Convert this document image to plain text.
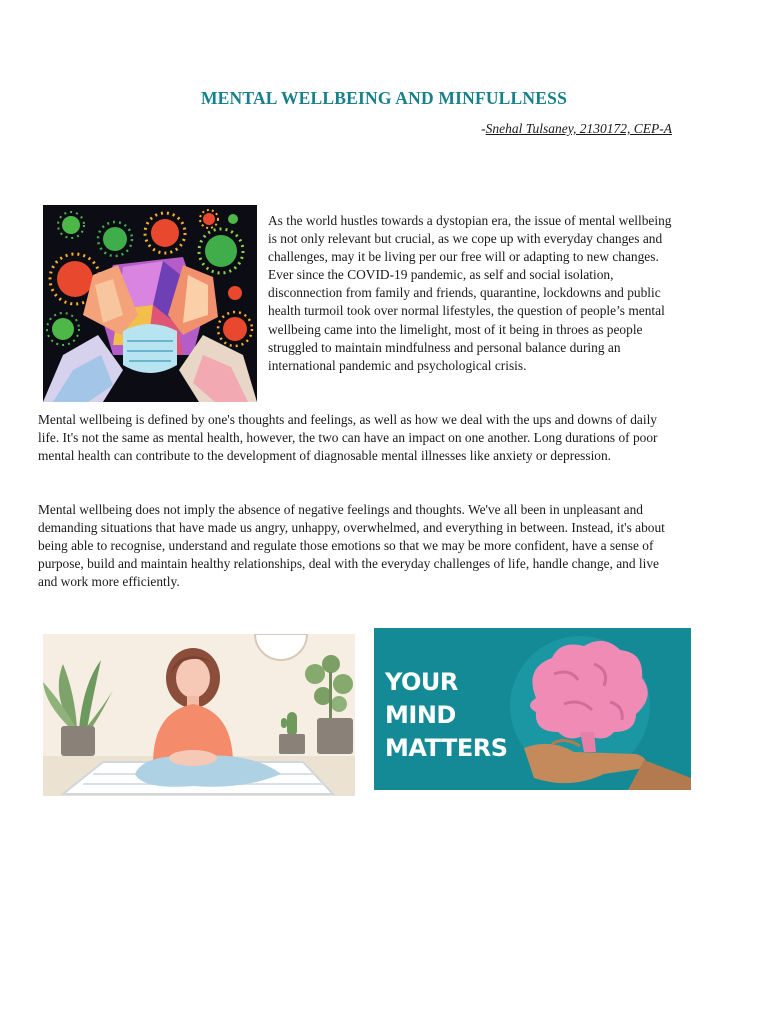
MENTAL WELLBEING AND MINFULLNESS
-Snehal Tulsaney, 2130172, CEP-A

As the world hustles towards a dystopian era, the issue of mental wellbeing is not only relevant but crucial, as we cope up with everyday changes and challenges, may it be living per our free will or adapting to new changes. Ever since the COVID-19 pandemic, as self and social isolation, disconnection from family and friends, quarantine, lockdowns and public health turmoil took over normal lifestyles, the question of people’s mental wellbeing came into the limelight, most of it being in throes as people struggled to maintain mindfulness and personal balance during an international pandemic and psychological crisis.

Mental wellbeing is defined by one's thoughts and feelings, as well as how we deal with the ups and downs of daily life. It's not the same as mental health, however, the two can have an impact on one another. Long durations of poor mental health can contribute to the development of diagnosable mental illnesses like anxiety or depression.

Mental wellbeing does not imply the absence of negative feelings and thoughts. We've all been in unpleasant and demanding situations that have made us angry, unhappy, overwhelmed, and everything in between. Instead, it's about being able to recognise, understand and regulate those emotions so that we may be more confident, have a sense of purpose, build and maintain healthy relationships, deal with the everyday challenges of life, handle change, and live and work more efficiently.

YOUR
MIND
MATTERS
